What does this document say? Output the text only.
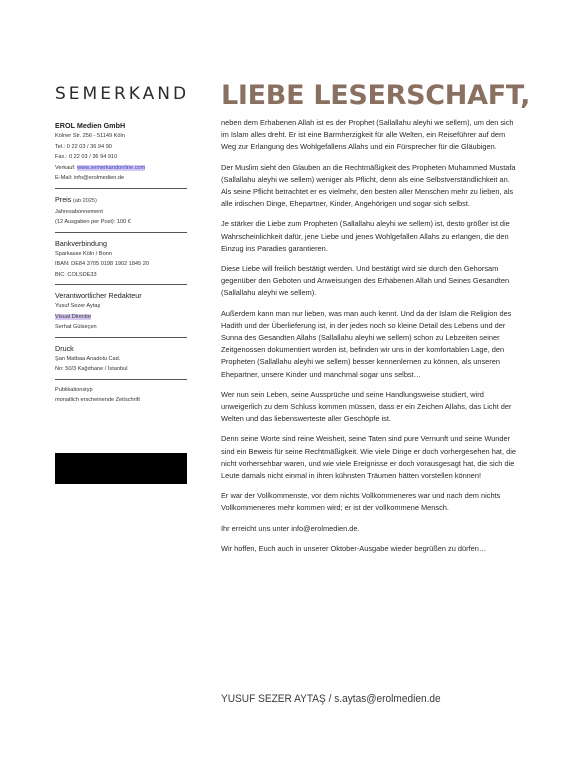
SEMERKAND
EROL Medien GmbH
Kölner Str. 256 - 51149 Köln
Tel.: 0 22 03 / 36 94 90
Fax.: 0 22 03 / 36 94 910
Verkauf: www.semerkandonline.com
E-Mail: info@erolmedien.de
Preis (ab 2025)
Jahresabonnement
(12 Ausgaben per Post): 100 €
Bankverbindung
Sparkasse Köln / Bonn
IBAN: DE84 3705 0198 1902 1845 20
BIC: COLSDE33
Verantwortlicher Redakteur
Yusuf Sezer Aytaş
Visual Director
Serhat Gülseçen
Druck
Şan Matbaa Anadolu Cad.
No: 50/3 Kağıthane / İstanbul
Publikationstyp
monatlich erscheinende Zeitschrift
LIEBE LESERSCHAFT,

neben dem Erhabenen Allah ist es der Prophet (Sallallahu aleyhi we sellem), um den sich im Islam alles dreht. Er ist eine Barmherzigkeit für alle Welten, ein Reiseführer auf dem Weg zur Erlangung des Wohlgefallens Allahs und ein Fürsprecher für die Gläubigen.

Der Muslim sieht den Glauben an die Rechtmäßigkeit des Propheten Muhammed Mustafa (Sallallahu aleyhi we sellem) weniger als Pflicht, denn als eine Selbstverständlichkeit an. Als seine Pflicht betrachtet er es vielmehr, den besten aller Menschen mehr zu lieben, als alle irdischen Dinge, Ehepartner, Kinder, Angehörigen und sogar sich selbst.

Je stärker die Liebe zum Propheten (Sallallahu aleyhi we sellem) ist, desto größer ist die Wahrscheinlichkeit dafür, jene Liebe und jenes Wohlgefallen Allahs zu erlangen, die den Einzug ins Paradies garantieren.

Diese Liebe will freilich bestätigt werden. Und bestätigt wird sie durch den Gehorsam gegenüber den Geboten und Anweisungen des Erhabenen Allah und Seines Gesandten (Sallallahu aleyhi we sellem).

Außerdem kann man nur lieben, was man auch kennt. Und da der Islam die Religion des Hadith und der Überlieferung ist, in der jedes noch so kleine Detail des Lebens und der Sunna des Gesandten Allahs (Sallallahu aleyhi we sellem) schon zu Lebzeiten seiner Zeitgenossen dokumentiert worden ist, befinden wir uns in der komfortablen Lage, den Propheten (Sallallahu aleyhi we sellem) besser kennenlernen zu können, als unseren Ehepartner, unsere Kinder und manchmal sogar uns selbst…

Wer nun sein Leben, seine Aussprüche und seine Handlungsweise studiert, wird unweigerlich zu dem Schluss kommen müssen, dass er ein Zeichen Allahs, das Licht der Welten und das liebenswerteste aller Geschöpfe ist.

Denn seine Worte sind reine Weisheit, seine Taten sind pure Vernunft und seine Wunder sind ein Beweis für seine Rechtmäßigkeit. Wie viele Dinge er doch vorhergesehen hat, die nicht vorhersehbar waren, und wie viele Ereignisse er doch vorausgesagt hat, die sich die Leute damals nicht einmal in ihren kühnsten Träumen hätten vorstellen können!

Er war der Vollkommenste, vor dem nichts Vollkommeneres war und nach dem nichts Vollkommeneres mehr kommen wird; er ist der vollkommene Mensch.

Ihr erreicht uns unter info@erolmedien.de.

Wir hoffen, Euch auch in unserer Oktober-Ausgabe wieder begrüßen zu dürfen…

YUSUF SEZER AYTAŞ / s.aytas@erolmedien.de
